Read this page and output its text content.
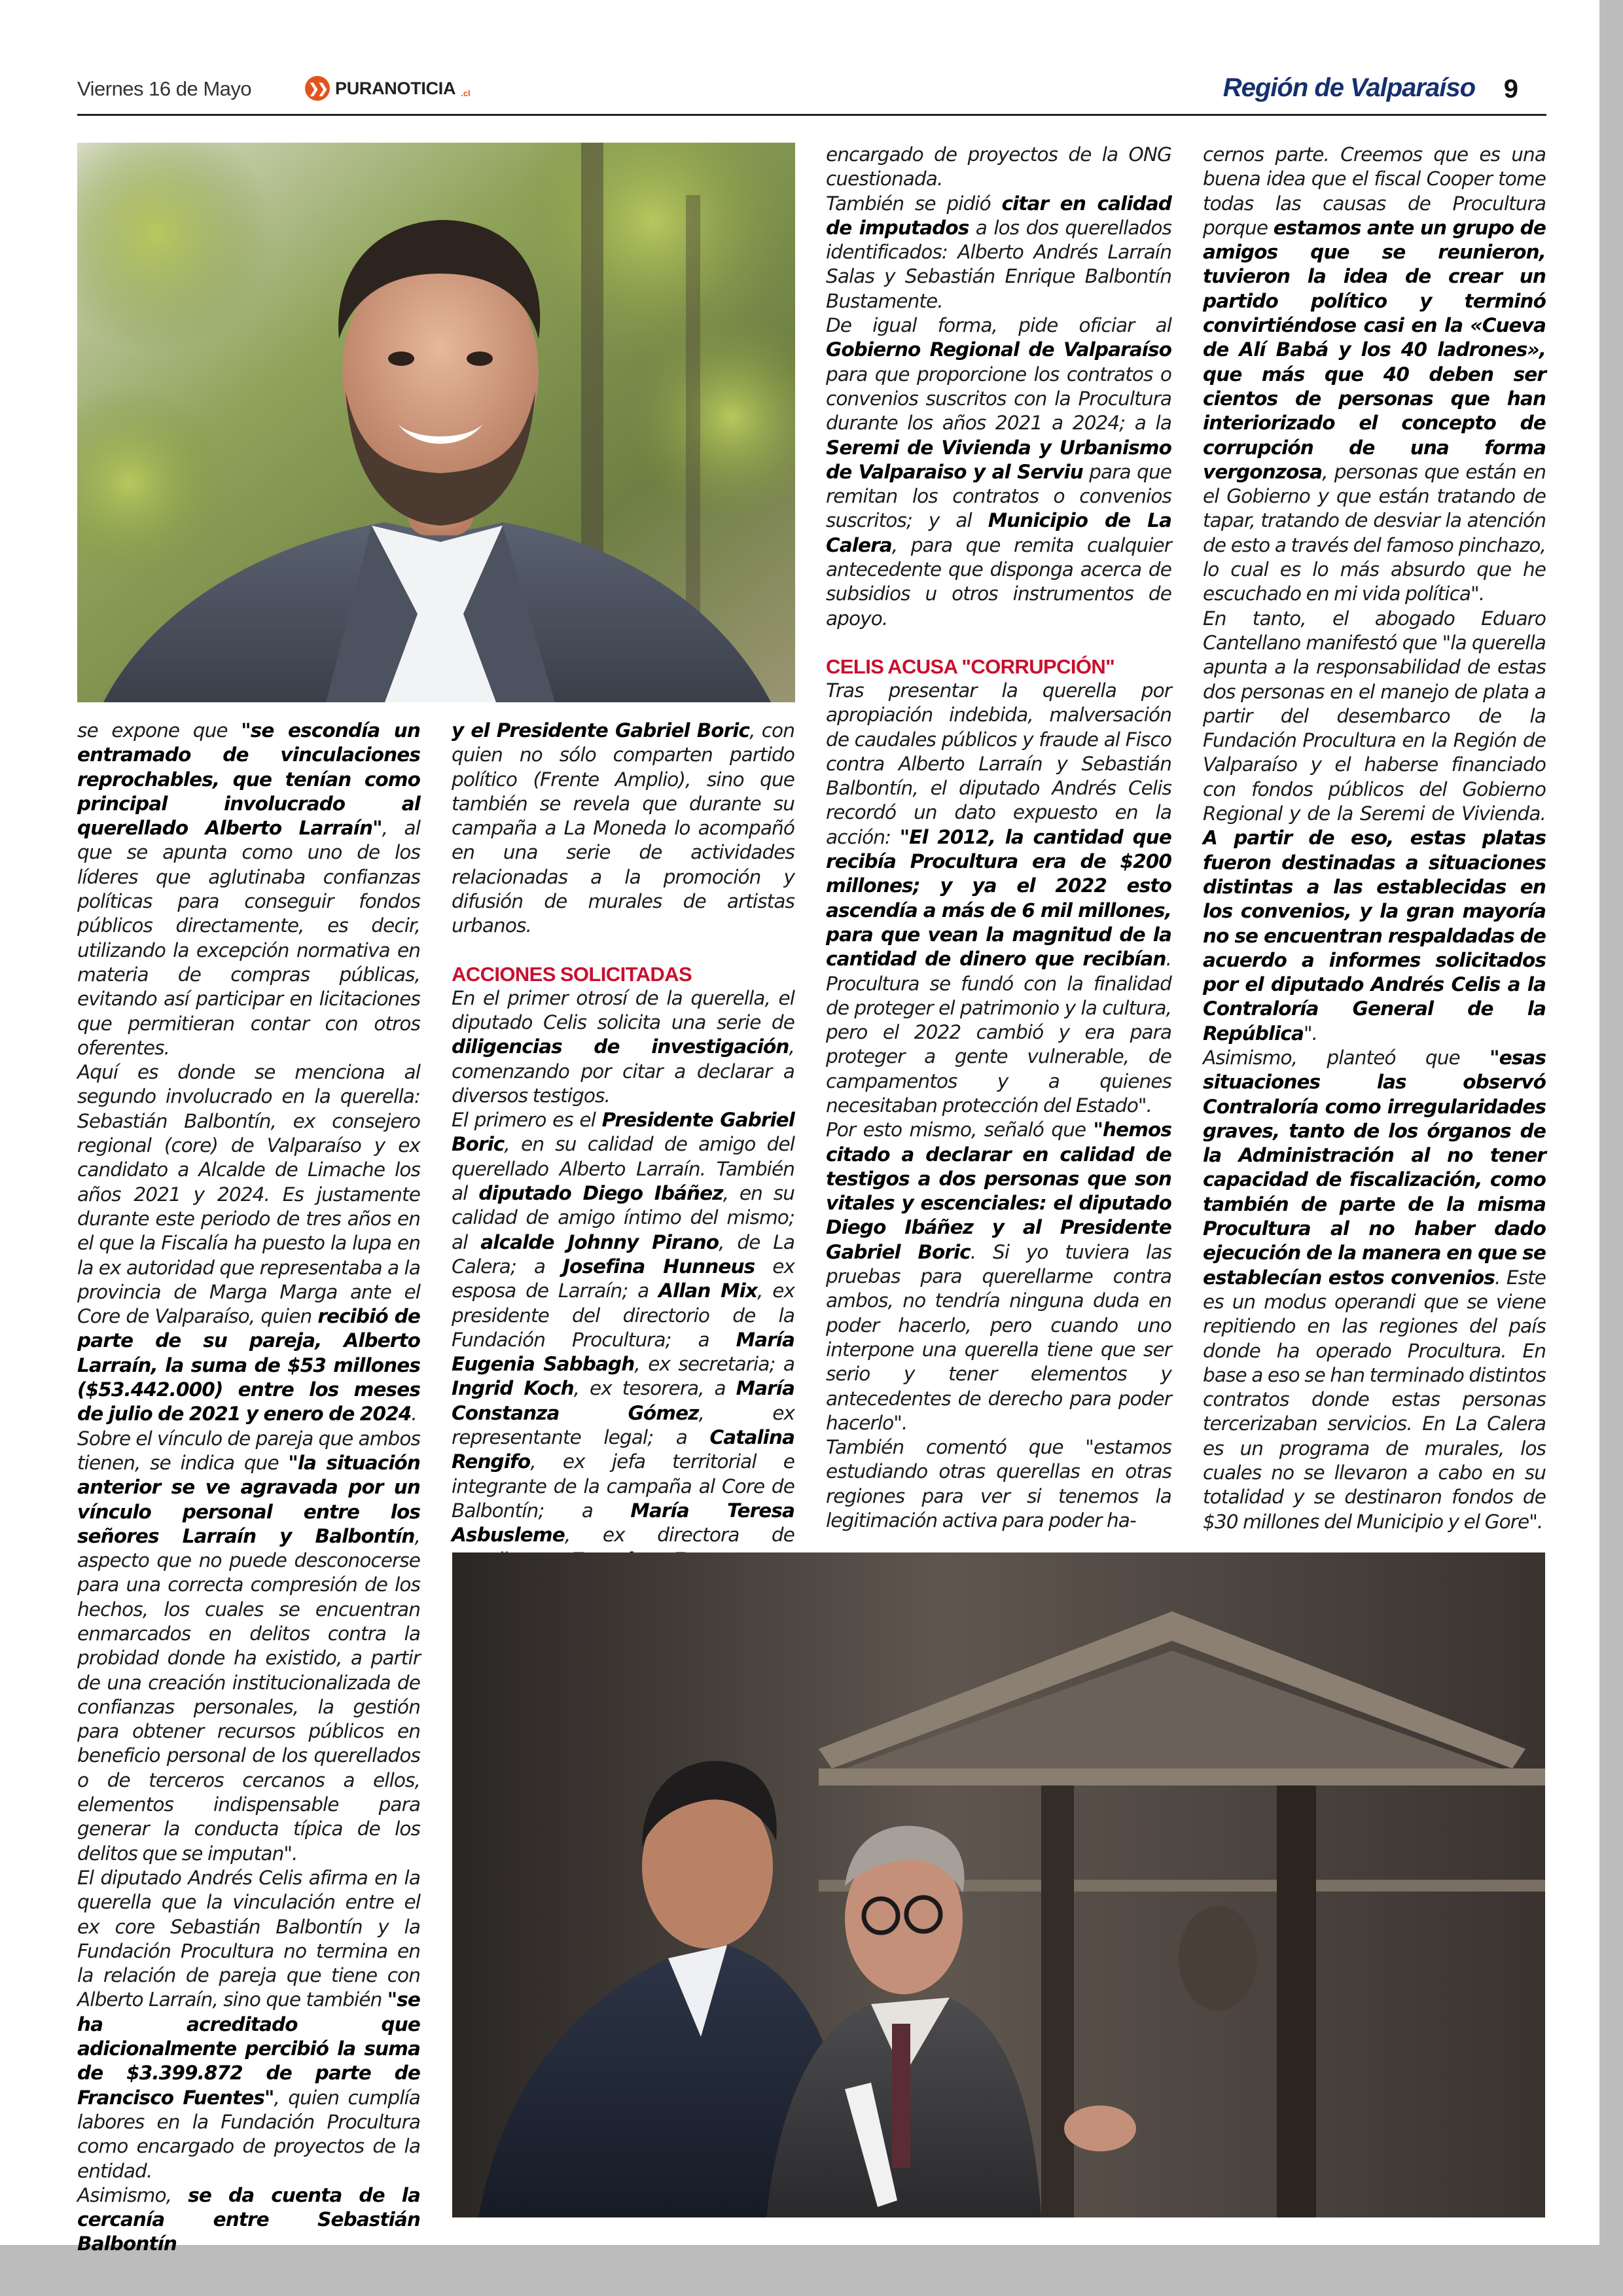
Viernes 16 de Mayo	❯❯ PURANOTICIA .cl	Región de Valparaíso 9

se expone que "se escondía un entramado de vinculaciones reprochables, que tenían como principal involucrado al querellado Alberto Larraín", al que se apunta como uno de los líderes que aglutinaba confianzas políticas para conseguir fondos públicos directamente, es decir, utilizando la excepción normativa en materia de compras públicas, evitando así participar en licitaciones que permitieran contar con otros oferentes.

Aquí es donde se menciona al segundo involucrado en la querella: Sebastián Balbontín, ex consejero regional (core) de Valparaíso y ex candidato a Alcalde de Limache los años 2021 y 2024. Es justamente durante este periodo de tres años en el que la Fiscalía ha puesto la lupa en la ex autoridad que representaba a la provincia de Marga Marga ante el Core de Valparaíso, quien recibió de parte de su pareja, Alberto Larraín, la suma de $53 millones ($53.442.000) entre los meses de julio de 2021 y enero de 2024.

Sobre el vínculo de pareja que ambos tienen, se indica que "la situación anterior se ve agravada por un vínculo personal entre los señores Larraín y Balbontín, aspecto que no puede desconocerse para una correcta compresión de los hechos, los cuales se encuentran enmarcados en delitos contra la probidad donde ha existido, a partir de una creación institucionalizada de confianzas personales, la gestión para obtener recursos públicos en beneficio personal de los querellados o de terceros cercanos a ellos, elementos indispensable para generar la conducta típica de los delitos que se imputan".

El diputado Andrés Celis afirma en la querella que la vinculación entre el ex core Sebastián Balbontín y la Fundación Procultura no termina en la relación de pareja que tiene con Alberto Larraín, sino que también "se ha acreditado que adicionalmente percibió la suma de $3.399.872 de parte de Francisco Fuentes", quien cumplía labores en la Fundación Procultura como encargado de proyectos de la entidad.

Asimismo, se da cuenta de la cercanía entre Sebastián Balbontín

y el Presidente Gabriel Boric, con quien no sólo comparten partido político (Frente Amplio), sino que también se revela que durante su campaña a La Moneda lo acompañó en una serie de actividades relacionadas a la promoción y difusión de murales de artistas urbanos.

ACCIONES SOLICITADAS

En el primer otrosí de la querella, el diputado Celis solicita una serie de diligencias de investigación, comenzando por citar a declarar a diversos testigos.

El primero es el Presidente Gabriel Boric, en su calidad de amigo del querellado Alberto Larraín. También al diputado Diego Ibáñez, en su calidad de amigo íntimo del mismo; al alcalde Johnny Pirano, de La Calera; a Josefina Hunneus ex esposa de Larraín; a Allan Mix, ex presidente del directorio de la Fundación Procultura; a María Eugenia Sabbagh, ex secretaria; a Ingrid Koch, ex tesorera, a María Constanza Gómez, ex representante legal; a Catalina Rengifo, ex jefa territorial e integrante de la campaña al Core de Balbontín; a María Teresa Asbusleme, ex directora de

encargado de proyectos de la ONG cuestionada.

También se pidió citar en calidad de imputados a los dos querellados identificados: Alberto Andrés Larraín Salas y Sebastián Enrique Balbontín Bustamente.

De igual forma, pide oficiar al Gobierno Regional de Valparaíso para que proporcione los contratos o convenios suscritos con la Procultura durante los años 2021 a 2024; a la Seremi de Vivienda y Urbanismo de Valparaiso y al Serviu para que remitan los contratos o convenios suscritos; y al Municipio de La Calera, para que remita cualquier antecedente que disponga acerca de subsidios u otros instrumentos de apoyo.

CELIS ACUSA "CORRUPCIÓN"

Tras presentar la querella por apropiación indebida, malversación de caudales públicos y fraude al Fisco contra Alberto Larraín y Sebastián Balbontín, el diputado Andrés Celis recordó un dato expuesto en la acción: "El 2012, la cantidad que recibía Procultura era de $200 millones; y ya el 2022 esto ascendía a más de 6 mil millones, para que vean la magnitud de la cantidad de dinero que recibían. Procultura se fundó con la finalidad de proteger el patrimonio y la cultura, pero el 2022 cambió y era para proteger a gente vulnerable, de campamentos y a quienes necesitaban protección del Estado".

Por esto mismo, señaló que "hemos citado a declarar en calidad de testigos a dos personas que son vitales y escenciales: el diputado Diego Ibáñez y al Presidente Gabriel Boric. Si yo tuviera las pruebas para querellarme contra ambos, no tendría ninguna duda en poder hacerlo, pero cuando uno interpone una querella tiene que ser serio y tener elementos y antecedentes de derecho para poder hacerlo".

También comentó que "estamos estudiando otras querellas en otras regiones para ver si tenemos la legitimación activa para poder ha-

cernos parte. Creemos que es una buena idea que el fiscal Cooper tome todas las causas de Procultura porque estamos ante un grupo de amigos que se reunieron, tuvieron la idea de crear un partido político y terminó convirtiéndose casi en la «Cueva de Alí Babá y los 40 ladrones», que más que 40 deben ser cientos de personas que han interiorizado el concepto de corrupción de una forma vergonzosa, personas que están en el Gobierno y que están tratando de tapar, tratando de desviar la atención de esto a través del famoso pinchazo, lo cual es lo más absurdo que he escuchado en mi vida política".

En tanto, el abogado Eduaro Cantellano manifestó que "la querella apunta a la responsabilidad de estas dos personas en el manejo de plata a partir del desembarco de la Fundación Procultura en la Región de Valparaíso y el haberse financiado con fondos públicos del Gobierno Regional y de la Seremi de Vivienda. A partir de eso, estas platas fueron destinadas a situaciones distintas a las establecidas en los convenios, y la gran mayoría no se encuentran respaldadas de acuerdo a informes solicitados por el diputado Andrés Celis a la Contraloría General de la República".

Asimismo, planteó que "esas situaciones las observó Contraloría como irregularidades graves, tanto de los órganos de la Administración al no tener capacidad de fiscalización, como también de parte de la misma Procultura al no haber dado ejecución de la manera en que se establecían estos convenios. Este es un modus operandi que se viene repitiendo en las regiones del país donde ha operado Procultura. En base a eso se han terminado distintos contratos donde estas personas tercerizaban servicios. En La Calera es un programa de murales, los cuales no se llevaron a cabo en su totalidad y se destinaron fondos de $30 millones del Municipio y el Gore".
